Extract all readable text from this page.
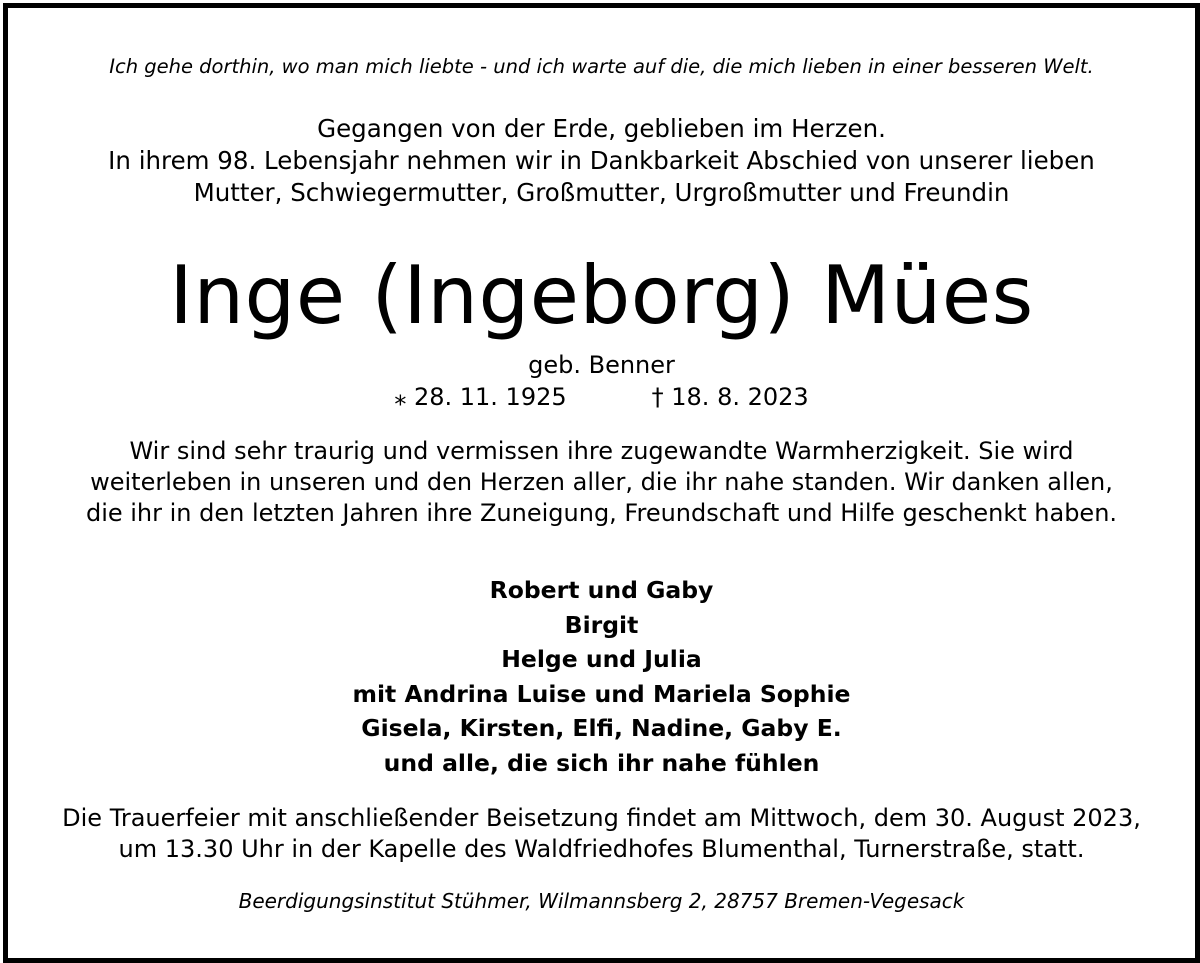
Ich gehe dorthin, wo man mich liebte - und ich warte auf die, die mich lieben in einer besseren Welt.
Gegangen von der Erde, geblieben im Herzen.
In ihrem 98. Lebensjahr nehmen wir in Dankbarkeit Abschied von unserer lieben
Mutter, Schwiegermutter, Großmutter, Urgroßmutter und Freundin
Inge (Ingeborg) Mües
geb. Benner
⁎ 28. 11. 1925	† 18. 8. 2023
Wir sind sehr traurig und vermissen ihre zugewandte Warmherzigkeit. Sie wird
weiterleben in unseren und den Herzen aller, die ihr nahe standen. Wir danken allen,
die ihr in den letzten Jahren ihre Zuneigung, Freundschaft und Hilfe geschenkt haben.
Robert und Gaby
Birgit
Helge und Julia
mit Andrina Luise und Mariela Sophie
Gisela, Kirsten, Elfi, Nadine, Gaby E.
und alle, die sich ihr nahe fühlen
Die Trauerfeier mit anschließender Beisetzung findet am Mittwoch, dem 30. August 2023,
um 13.30 Uhr in der Kapelle des Waldfriedhofes Blumenthal, Turnerstraße, statt.
Beerdigungsinstitut Stühmer, Wilmannsberg 2, 28757 Bremen-Vegesack
